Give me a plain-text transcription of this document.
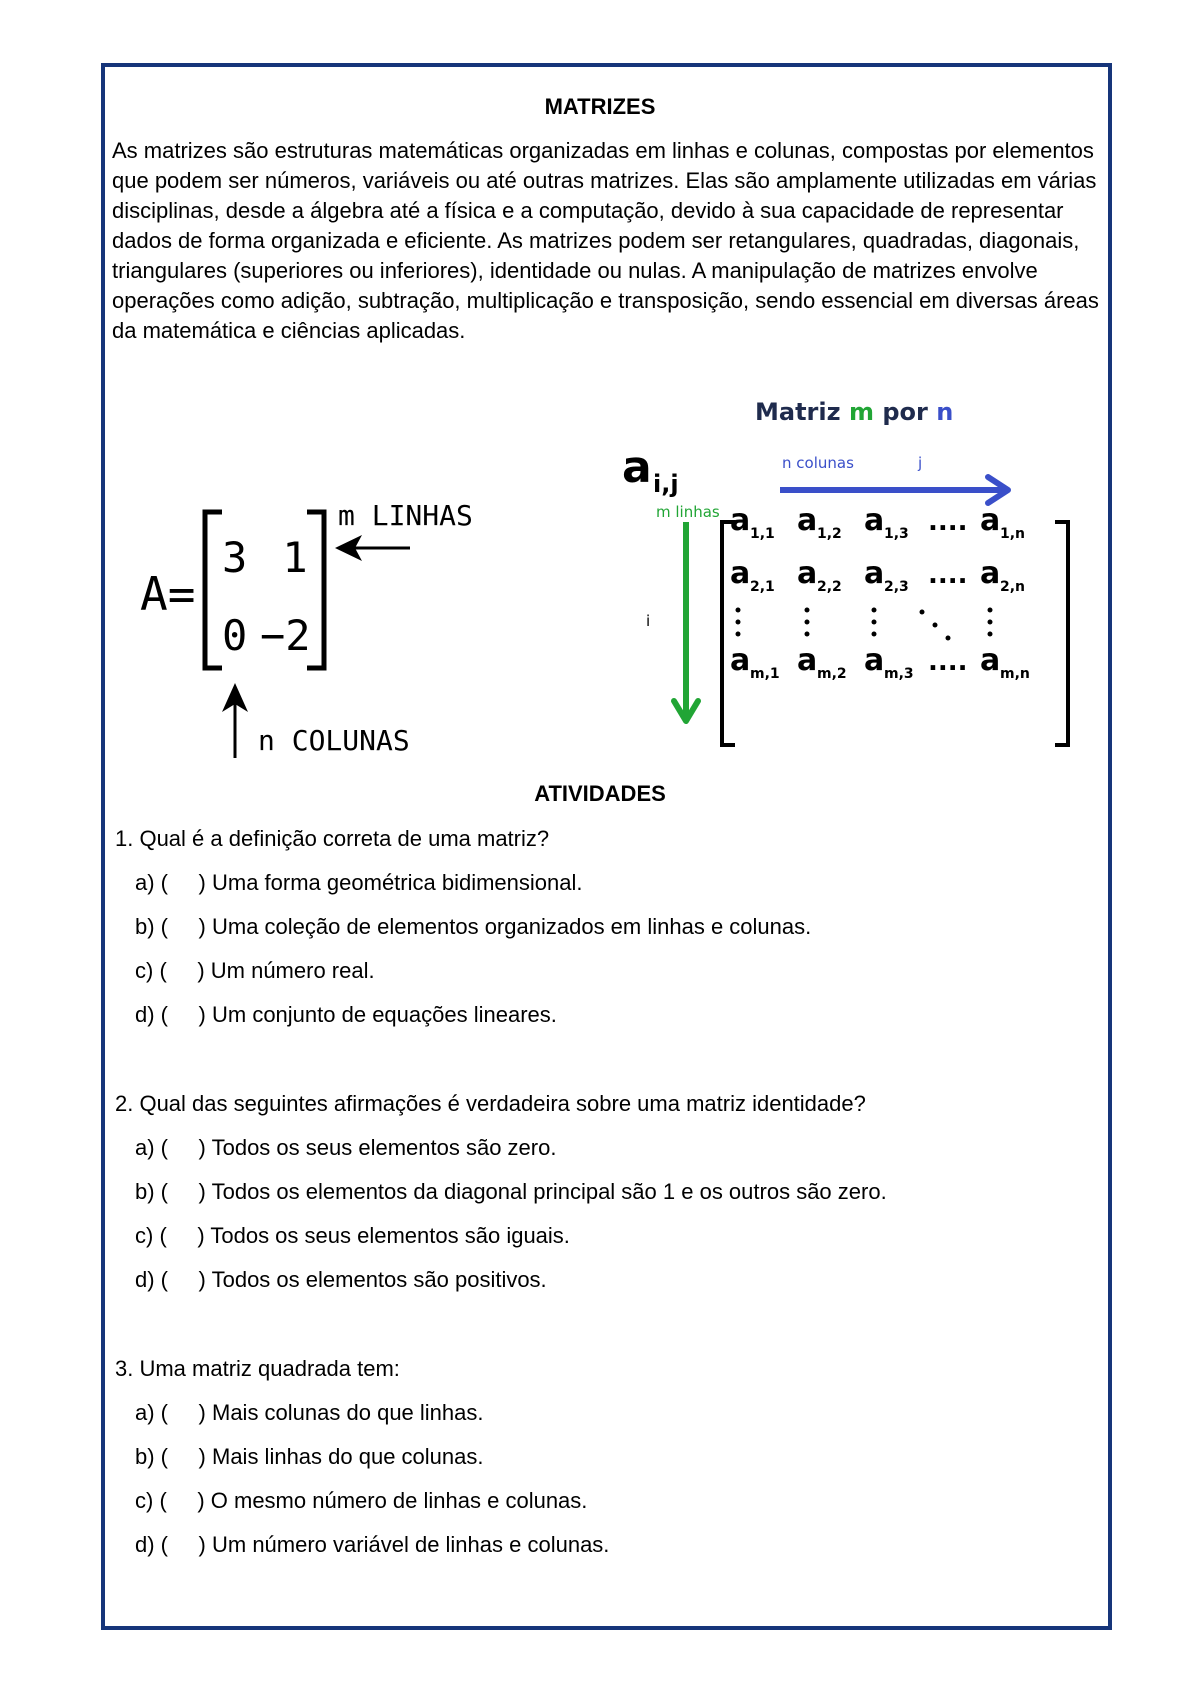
MATRIZES

As matrizes são estruturas matemáticas organizadas em linhas e colunas, compostas por elementos que podem ser números, variáveis ou até outras matrizes. Elas são amplamente utilizadas em várias disciplinas, desde a álgebra até a física e a computação, devido à sua capacidade de representar dados de forma organizada e eficiente. As matrizes podem ser retangulares, quadradas, diagonais, triangulares (superiores ou inferiores), identidade ou nulas. A manipulação de matrizes envolve operações como adição, subtração, multiplicação e transposição, sendo essencial em diversas áreas da matemática e ciências aplicadas.

A=
3 1
0 −2
m LINHAS
n COLUNAS
Matriz m por n
a i,j
n colunas	j
m linhas
i
a 1,1 a 1,2 a 1,3 .... a 1,n
a 2,1 a 2,2 a 2,3 .... a 2,n
a m,1 a m,2 a m,3 .... a m,n
ATIVIDADES
1. Qual é a definição correta de uma matriz?
a) (     ) Uma forma geométrica bidimensional.
b) (     ) Uma coleção de elementos organizados em linhas e colunas.
c) (     ) Um número real.
d) (     ) Um conjunto de equações lineares.
2. Qual das seguintes afirmações é verdadeira sobre uma matriz identidade?
a) (     ) Todos os seus elementos são zero.
b) (     ) Todos os elementos da diagonal principal são 1 e os outros são zero.
c) (     ) Todos os seus elementos são iguais.
d) (     ) Todos os elementos são positivos.
3. Uma matriz quadrada tem:
a) (     ) Mais colunas do que linhas.
b) (     ) Mais linhas do que colunas.
c) (     ) O mesmo número de linhas e colunas.
d) (     ) Um número variável de linhas e colunas.
